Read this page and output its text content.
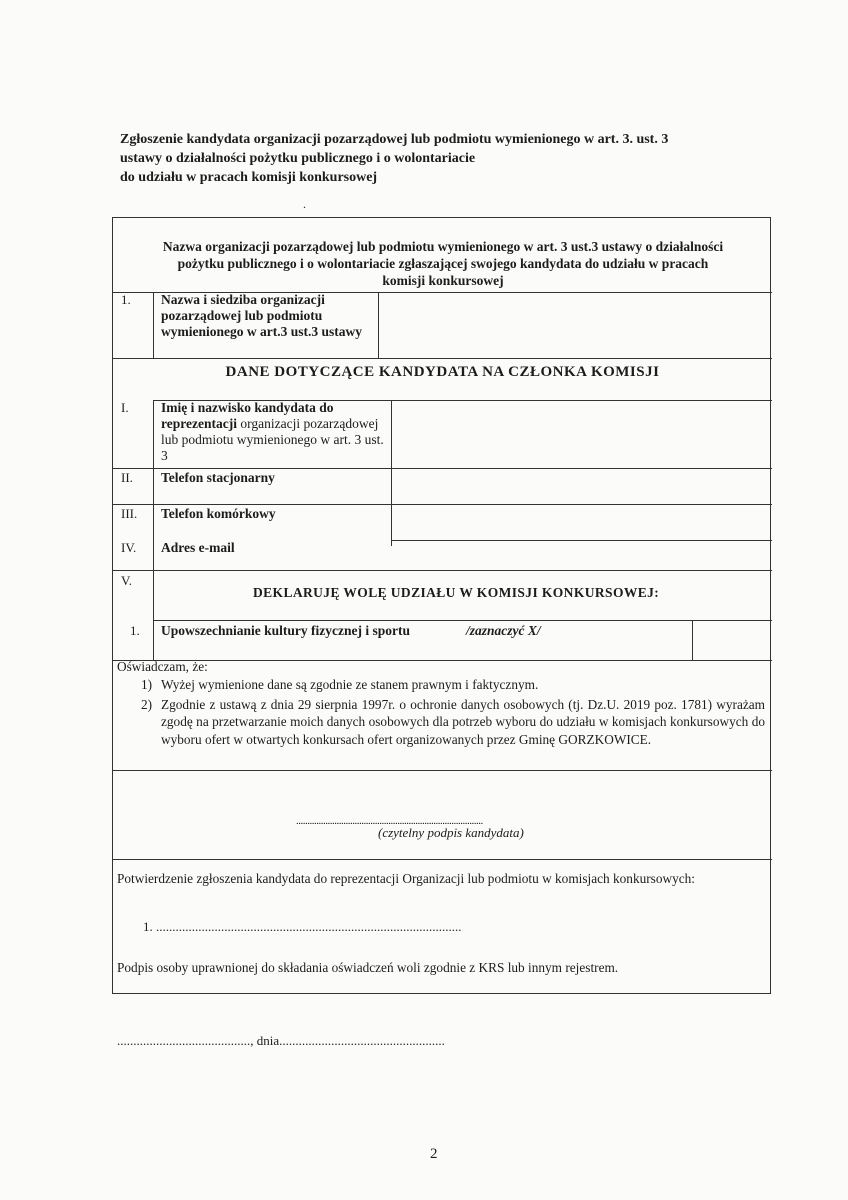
Zgłoszenie kandydata organizacji pozarządowej lub podmiotu wymienionego w art. 3. ust. 3
ustawy o działalności pożytku publicznego i o wolontariacie
do udziału w pracach komisji konkursowej
.
Nazwa organizacji pozarządowej lub podmiotu wymienionego w art. 3 ust.3 ustawy o działalności
pożytku publicznego i o wolontariacie zgłaszającej swojego kandydata do udziału w pracach
komisji konkursowej
1. Nazwa i siedziba organizacji pozarządowej lub podmiotu wymienionego w art.3 ust.3 ustawy
DANE DOTYCZĄCE KANDYDATA NA CZŁONKA KOMISJI
I. Imię i nazwisko kandydata do reprezentacji organizacji pozarządowej lub podmiotu wymienionego w art. 3 ust. 3
II. Telefon stacjonarny
III. Telefon komórkowy
IV. Adres e-mail
V.
DEKLARUJĘ WOLĘ UDZIAŁU W KOMISJI KONKURSOWEJ:
1. Upowszechnianie kultury fizycznej i sportu	/zaznaczyć X/
Oświadczam, że:
1) Wyżej wymienione dane są zgodnie ze stanem prawnym i faktycznym.
2) Zgodnie z ustawą z dnia 29 sierpnia 1997r. o ochronie danych osobowych (tj. Dz.U. 2019 poz. 1781) wyrażam zgodę na przetwarzanie moich danych osobowych dla potrzeb wyboru do udziału w komisjach konkursowych do wyboru ofert w otwartych konkursach ofert organizowanych przez Gminę GORZKOWICE.
...................................................................................
(czytelny podpis kandydata)
Potwierdzenie zgłoszenia kandydata do reprezentacji Organizacji lub podmiotu w komisjach konkursowych:
1. ..............................................................................................
Podpis osoby uprawnionej do składania oświadczeń woli zgodnie z KRS lub innym rejestrem.
........................................., dnia...................................................
2
